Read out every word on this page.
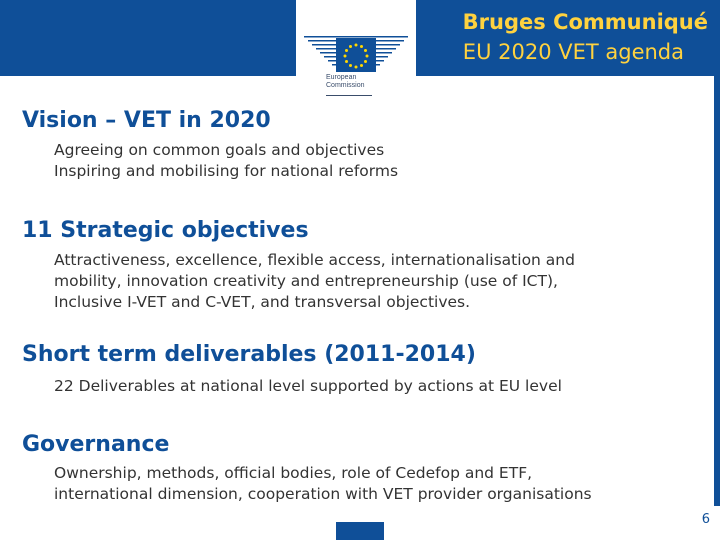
Bruges Communiqué
EU 2020 VET agenda
European
Commission
Vision – VET in 2020
Agreeing on common goals and objectives
Inspiring and mobilising for national reforms
11 Strategic objectives
Attractiveness, excellence, flexible access, internationalisation and
mobility, innovation creativity and entrepreneurship (use of ICT),
Inclusive I-VET and C-VET, and transversal objectives.
Short term deliverables (2011-2014)
22 Deliverables at national level supported by actions at EU level
Governance
Ownership, methods, official bodies, role of Cedefop and ETF,
international dimension, cooperation with VET provider organisations
6
